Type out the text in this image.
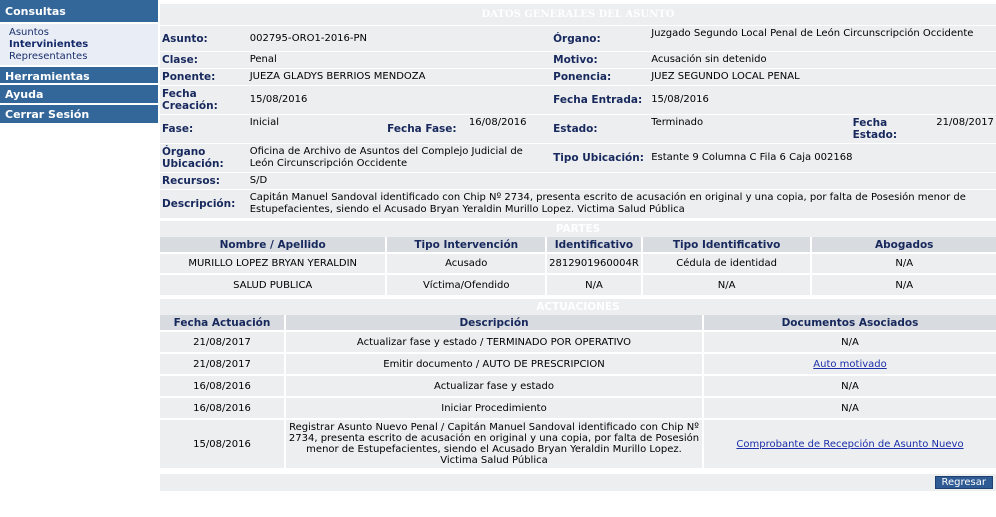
Consultas
Asuntos
Intervinientes
Representantes
Herramientas
Ayuda
Cerrar Sesión
DATOS GENERALES DEL ASUNTO							
Asunto:	002795-ORO1-2016-PN			Órgano:	Juzgado Segundo Local Penal de León Circunscripción Occidente		
Clase:	Penal			Motivo:	Acusación sin detenido		
Ponente:	JUEZA GLADYS BERRIOS MENDOZA			Ponencia:	JUEZ SEGUNDO LOCAL PENAL		
Fecha Creación:	15/08/2016			Fecha Entrada:	15/08/2016		
Fase:	Inicial	Fecha Fase:	16/08/2016	Estado:	Terminado	Fecha Estado:	21/08/2017
Órgano Ubicación:	Oficina de Archivo de Asuntos del Complejo Judicial de León Circunscripción Occidente			Tipo Ubicación:	Estante 9 Columna C Fila 6 Caja 002168		
Recursos:	S/D						
Descripción:	Capitán Manuel Sandoval identificado con Chip Nº 2734, presenta escrito de acusación en original y una copia, por falta de Posesión menor de Estupefacientes, siendo el Acusado Bryan Yeraldin Murillo Lopez. Victima Salud Pública						
PARTES				
Nombre / Apellido	Tipo Intervención	Identificativo	Tipo Identificativo	Abogados
MURILLO LOPEZ BRYAN YERALDIN	Acusado	2812901960004R	Cédula de identidad	N/A
SALUD PUBLICA	Víctima/Ofendido	N/A	N/A	N/A
ACTUACIONES		
Fecha Actuación	Descripción	Documentos Asociados
21/08/2017	Actualizar fase y estado / TERMINADO POR OPERATIVO	N/A
21/08/2017	Emitir documento / AUTO DE PRESCRIPCION	Auto motivado
16/08/2016	Actualizar fase y estado	N/A
16/08/2016	Iniciar Procedimiento	N/A
15/08/2016	Registrar Asunto Nuevo Penal / Capitán Manuel Sandoval identificado con Chip Nº 2734, presenta escrito de acusación en original y una copia, por falta de Posesión menor de Estupefacientes, siendo el Acusado Bryan Yeraldin Murillo Lopez. Victima Salud Pública	Comprobante de Recepción de Asunto Nuevo
Regresar
